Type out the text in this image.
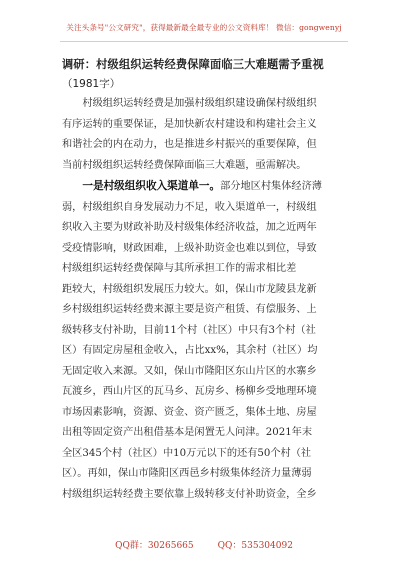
关注头条号"公文研究"，获得最新最全最专业的公文资料库！ 微信：gongwenyj
调研：村级组织运转经费保障面临三大难题需予重视
（1981字）
村级组织运转经费是加强村级组织建设确保村级组织
有序运转的重要保证，是加快新农村建设和构建社会主义
和谐社会的内在动力，也是推进乡村振兴的重要保障，但
当前村级组织运转经费保障面临三大难题，亟需解决。
一是村级组织收入渠道单一。部分地区村集体经济薄
弱，村级组织自身发展动力不足，收入渠道单一，村级组
织收入主要为财政补助及村级集体经济收益，加之近两年
受疫情影响，财政困难，上级补助资金也难以到位，导致
村级组织运转经费保障与其所承担工作的需求相比差
距较大，村级组织发展压力较大。如，保山市龙陵县龙新
乡村级组织运转经费来源主要是资产租赁、有偿服务、上
级转移支付补助，目前11个村（社区）中只有3个村（社
区）有固定房屋租金收入，占比xx%，其余村（社区）均
无固定收入来源。又如，保山市隆阳区东山片区的水寨乡
瓦渡乡，西山片区的瓦马乡、瓦房乡、杨柳乡受地理环境
市场因素影响，资源、资金、资产匮乏，集体土地、房屋
出租等固定资产出租借基本是闲置无人问津。2021年末
全区345个村（社区）中10万元以下的还有50个村（社
区）。再如，保山市隆阳区西邑乡村级集体经济力量薄弱
村级组织运转经费主要依靠上级转移支付补助资金，全乡
QQ群：30265665	QQ：535304092
